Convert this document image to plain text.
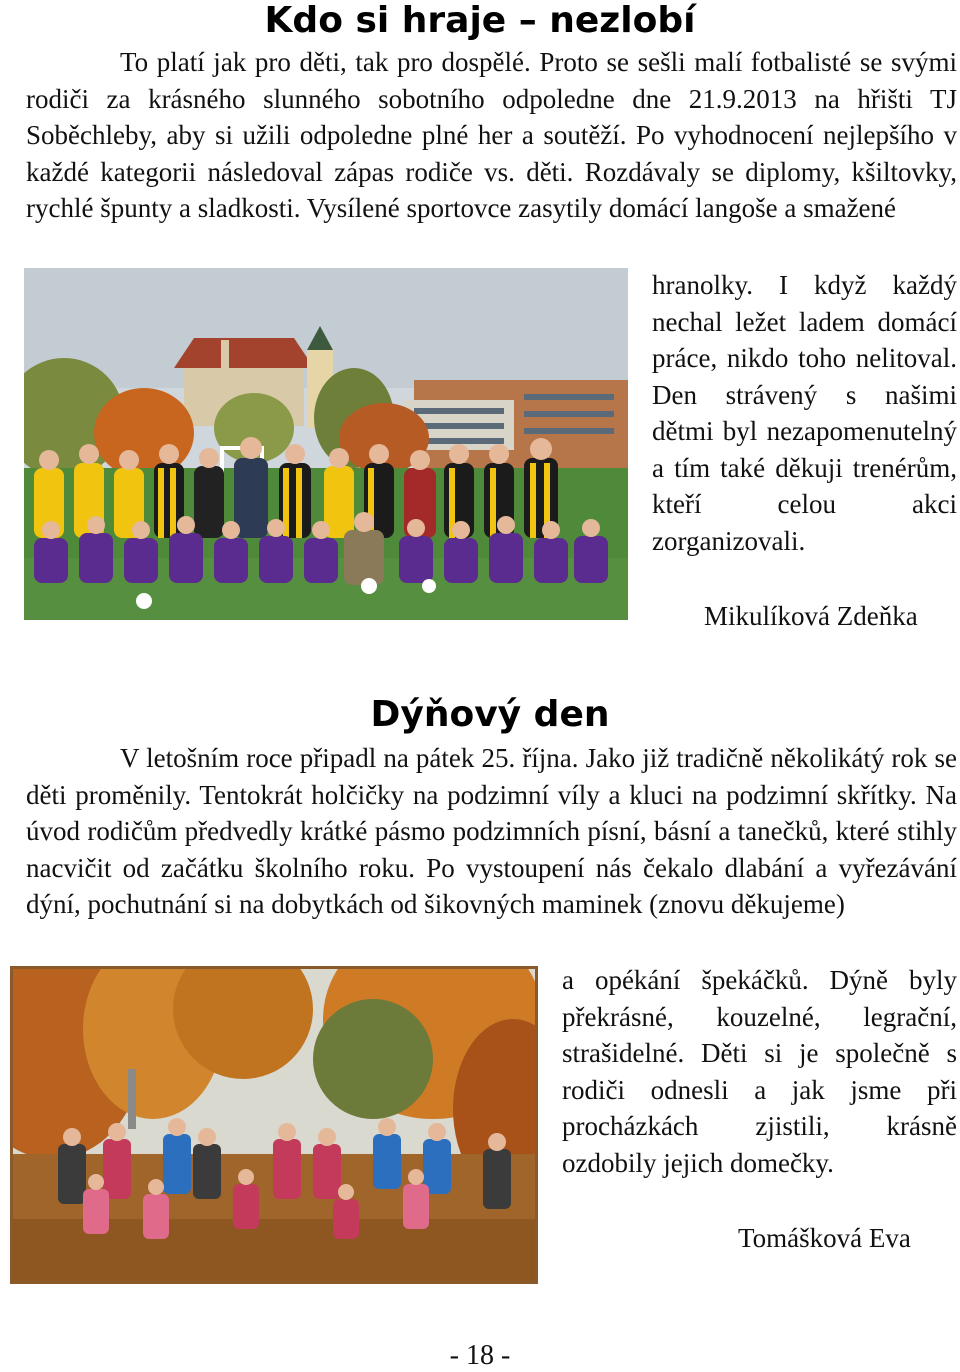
Kdo si hraje – nezlobí

To platí jak pro děti, tak pro dospělé. Proto se sešli malí fotbalisté se svými rodiči za krásného slunného sobotního odpoledne dne 21.9.2013 na hřišti TJ Soběchleby, aby si užili odpoledne plné her a soutěží. Po vyhodnocení nejlepšího v každé kategorii následoval zápas rodiče vs. děti. Rozdávaly se diplomy, kšiltovky, rychlé špunty a sladkosti. Vysílené sportovce zasytily domácí langoše a smažené

hranolky. I když každý nechal ležet ladem domácí práce, nikdo toho nelitoval. Den strávený s našimi dětmi byl nezapomenutelný a tím také děkuji trenérům, kteří celou akci zorganizovali.

Mikulíková Zdeňka

Dýňový den

V letošním roce připadl na pátek 25. října. Jako již tradičně několikátý rok se děti proměnily. Tentokrát holčičky na podzimní víly a kluci na podzimní skřítky. Na úvod rodičům předvedly krátké pásmo podzimních písní, básní a tanečků, které stihly nacvičit od začátku školního roku. Po vystoupení nás čekalo dlabání a vyřezávání dýní, pochutnání si na dobytkách od šikovných maminek (znovu děkujeme)

a opékání špekáčků. Dýně byly překrásné, kouzelné, legrační, strašidelné. Děti si je společně s rodiči odnesli a jak jsme při procházkách zjistili, krásně ozdobily jejich domečky.

Tomášková Eva

- 18 -
